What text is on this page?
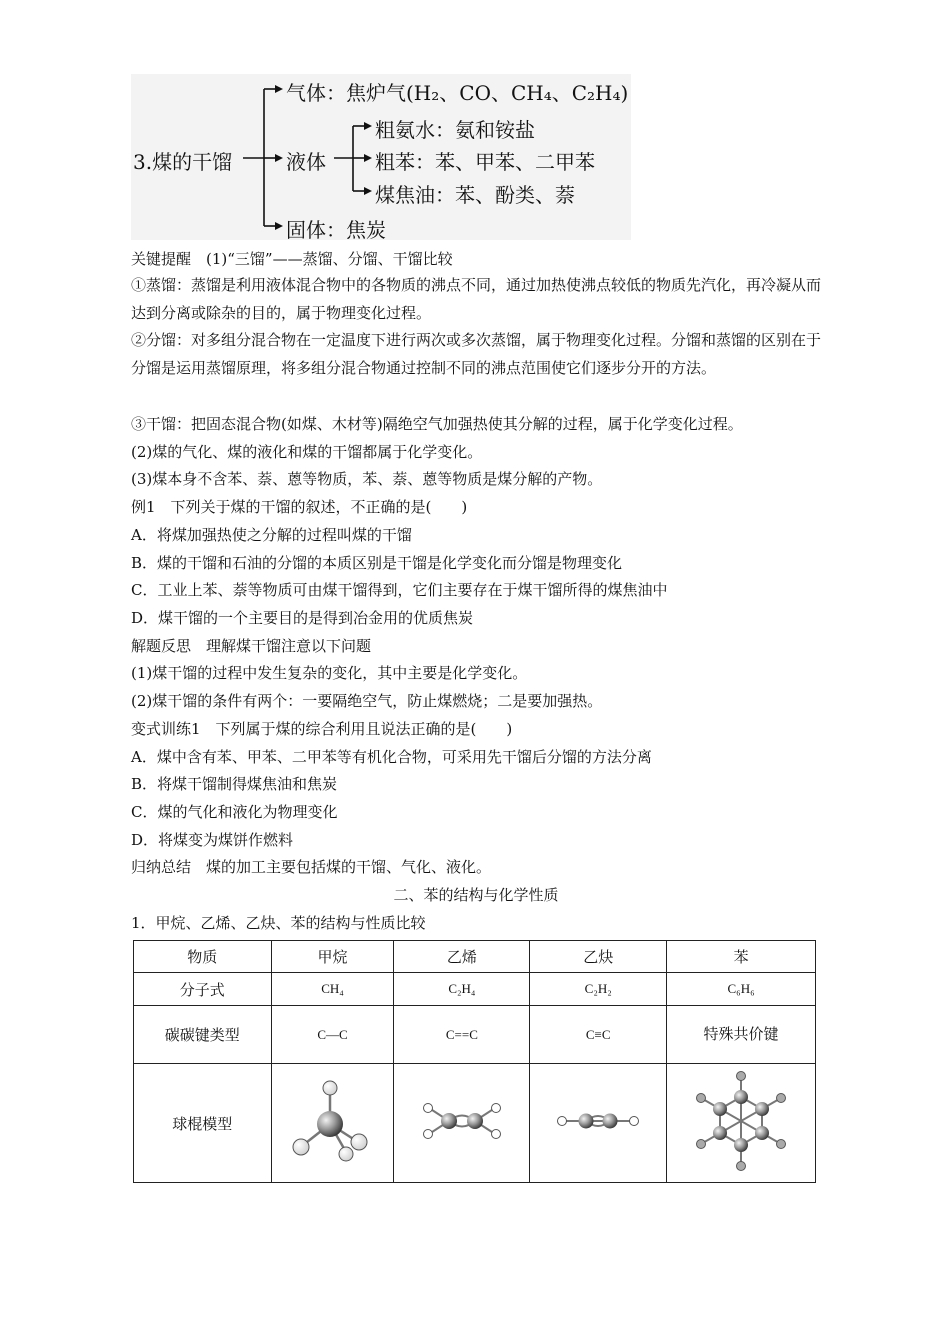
3.煤的干馏
气体：焦炉气(H₂、CO、CH₄、C₂H₄)
液体
粗氨水：氨和铵盐
粗苯：苯、甲苯、二甲苯
煤焦油：苯、酚类、萘
固体：焦炭
关键提醒　(1)“三馏”——蒸馏、分馏、干馏比较
①蒸馏：蒸馏是利用液体混合物中的各物质的沸点不同，通过加热使沸点较低的物质先汽化，再冷凝从而达到分离或除杂的目的，属于物理变化过程。
②分馏：对多组分混合物在一定温度下进行两次或多次蒸馏，属于物理变化过程。分馏和蒸馏的区别在于分馏是运用蒸馏原理，将多组分混合物通过控制不同的沸点范围使它们逐步分开的方法。
③干馏：把固态混合物(如煤、木材等)隔绝空气加强热使其分解的过程，属于化学变化过程。
(2)煤的气化、煤的液化和煤的干馏都属于化学变化。
(3)煤本身不含苯、萘、蒽等物质，苯、萘、蒽等物质是煤分解的产物。
例1　下列关于煤的干馏的叙述，不正确的是(　　)
A．将煤加强热使之分解的过程叫煤的干馏
B．煤的干馏和石油的分馏的本质区别是干馏是化学变化而分馏是物理变化
C．工业上苯、萘等物质可由煤干馏得到，它们主要存在于煤干馏所得的煤焦油中
D．煤干馏的一个主要目的是得到冶金用的优质焦炭
解题反思　理解煤干馏注意以下问题
(1)煤干馏的过程中发生复杂的变化，其中主要是化学变化。
(2)煤干馏的条件有两个：一要隔绝空气，防止煤燃烧；二是要加强热。
变式训练1　下列属于煤的综合利用且说法正确的是(　　)
A．煤中含有苯、甲苯、二甲苯等有机化合物，可采用先干馏后分馏的方法分离
B．将煤干馏制得煤焦油和焦炭
C．煤的气化和液化为物理变化
D．将煤变为煤饼作燃料
归纳总结　煤的加工主要包括煤的干馏、气化、液化。
二、苯的结构与化学性质
1．甲烷、乙烯、乙炔、苯的结构与性质比较
物质	甲烷	乙烯	乙炔	苯
分子式	CH₄	C₂H₄	C₂H₂	C₆H₆
碳碳键类型	C—C	C==C	C≡C	特殊共价键

球棍模型				
